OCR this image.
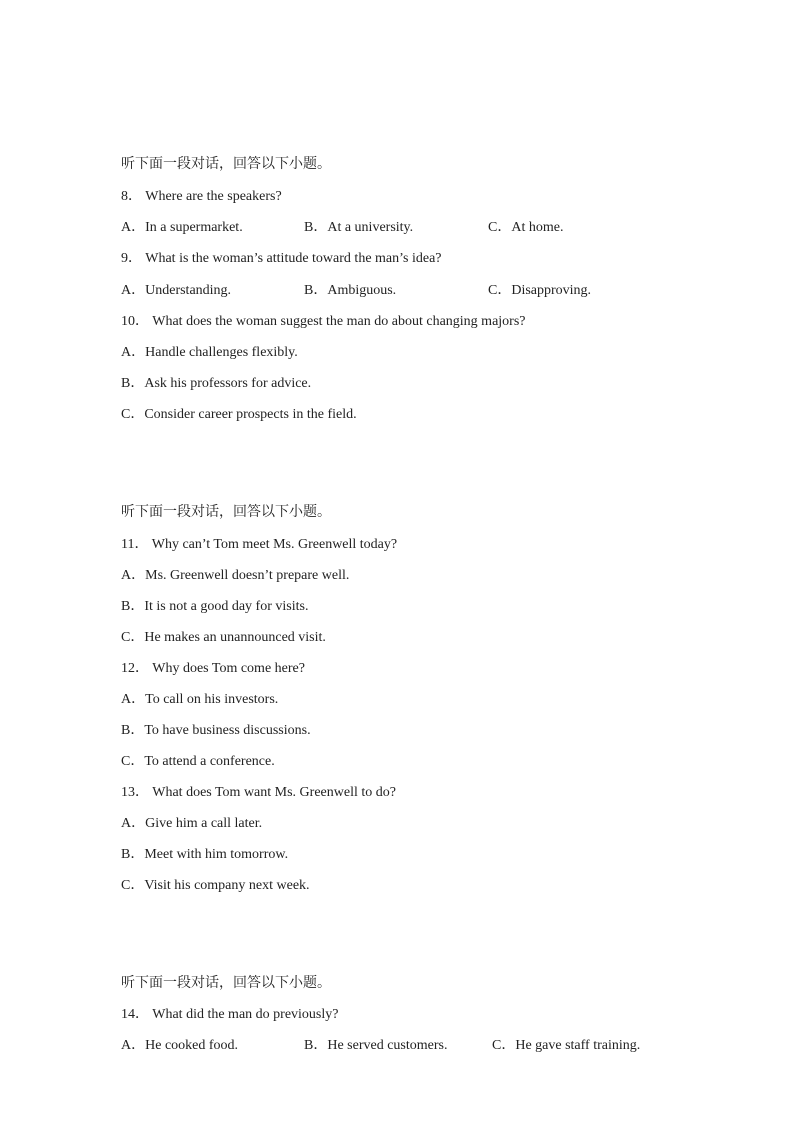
听下面一段对话，回答以下小题。
8． Where are the speakers?
A．In a supermarket.	B．At a university.	C．At home.
9． What is the woman’s attitude toward the man’s idea?
A．Understanding.	B．Ambiguous.	C．Disapproving.
10． What does the woman suggest the man do about changing majors?
A．Handle challenges flexibly.
B．Ask his professors for advice.
C．Consider career prospects in the field.
听下面一段对话，回答以下小题。
11． Why can’t Tom meet Ms. Greenwell today?
A．Ms. Greenwell doesn’t prepare well.
B．It is not a good day for visits.
C．He makes an unannounced visit.
12． Why does Tom come here?
A．To call on his investors.
B．To have business discussions.
C．To attend a conference.
13． What does Tom want Ms. Greenwell to do?
A．Give him a call later.
B．Meet with him tomorrow.
C．Visit his company next week.
听下面一段对话，回答以下小题。
14． What did the man do previously?
A．He cooked food.	B．He served customers.	C．He gave staff training.
